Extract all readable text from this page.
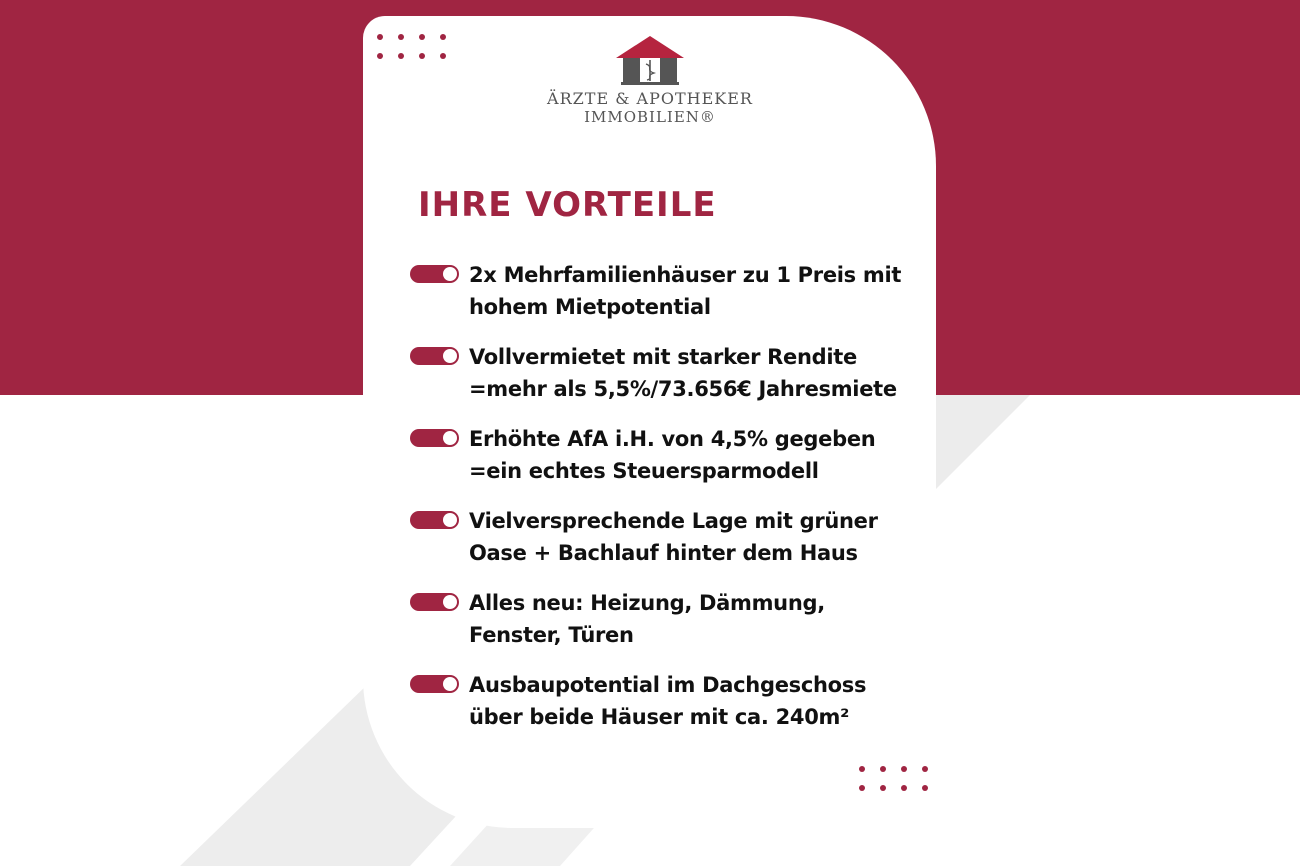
ÄRZTE & APOTHEKER
IMMOBILIEN®
IHRE VORTEILE
2x Mehrfamilienhäuser zu 1 Preis mit
hohem Mietpotential
Vollvermietet mit starker Rendite
=mehr als 5,5%/73.656€ Jahresmiete
Erhöhte AfA i.H. von 4,5% gegeben
=ein echtes Steuersparmodell
Vielversprechende Lage mit grüner
Oase + Bachlauf hinter dem Haus
Alles neu: Heizung, Dämmung,
Fenster, Türen
Ausbaupotential im Dachgeschoss
über beide Häuser mit ca. 240m²
